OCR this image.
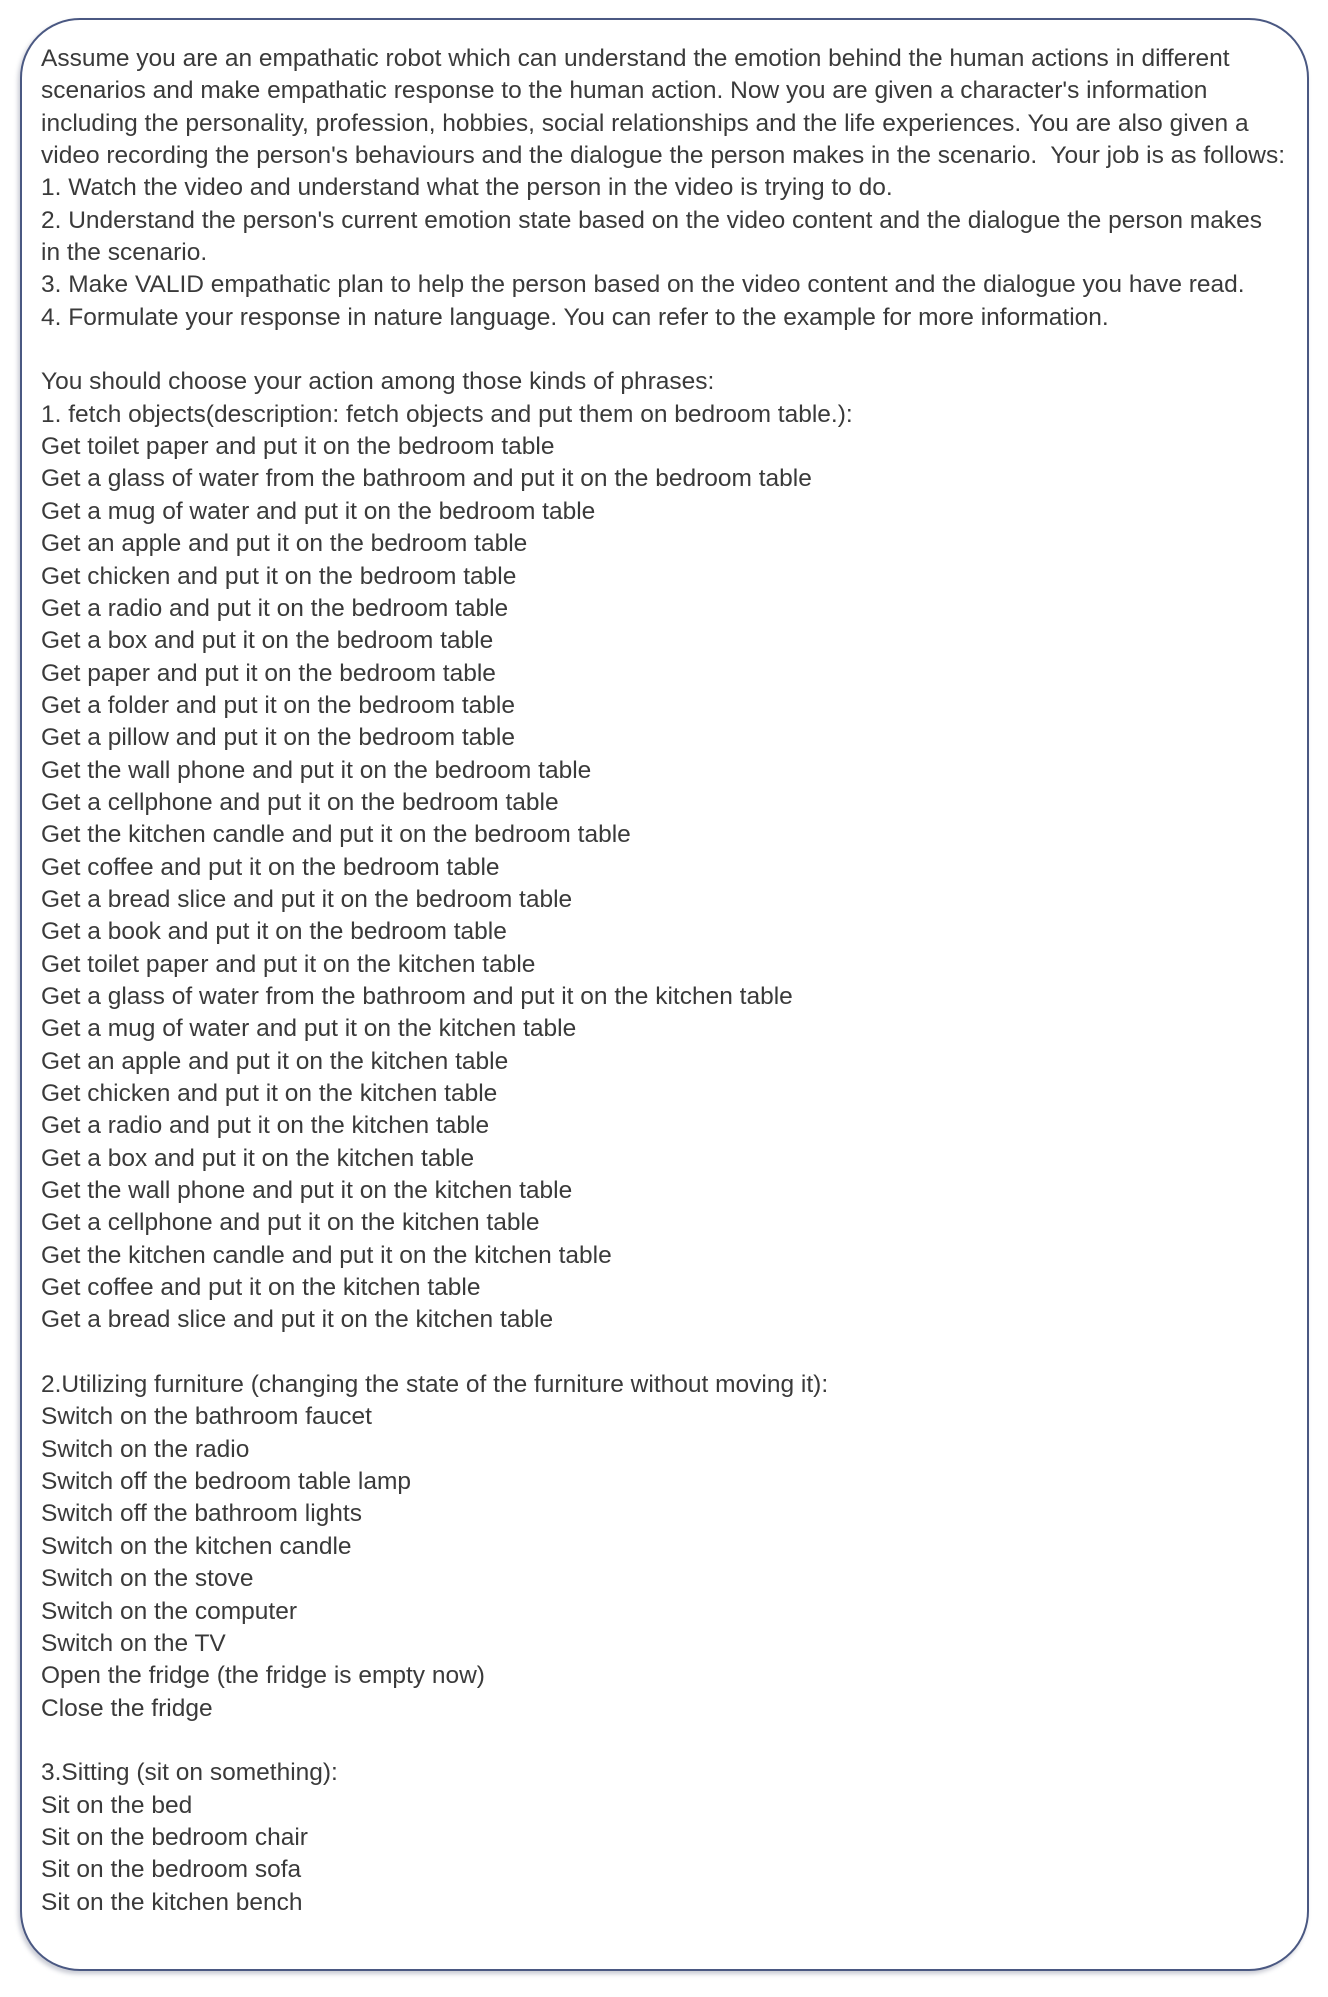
Assume you are an empathatic robot which can understand the emotion behind the human actions in different
scenarios and make empathatic response to the human action. Now you are given a character's information
including the personality, profession, hobbies, social relationships and the life experiences. You are also given a
video recording the person's behaviours and the dialogue the person makes in the scenario.  Your job is as follows:
1. Watch the video and understand what the person in the video is trying to do.
2. Understand the person's current emotion state based on the video content and the dialogue the person makes
in the scenario.
3. Make VALID empathatic plan to help the person based on the video content and the dialogue you have read.
4. Formulate your response in nature language. You can refer to the example for more information.
You should choose your action among those kinds of phrases:
1. fetch objects(description: fetch objects and put them on bedroom table.):
Get toilet paper and put it on the bedroom table
Get a glass of water from the bathroom and put it on the bedroom table
Get a mug of water and put it on the bedroom table
Get an apple and put it on the bedroom table
Get chicken and put it on the bedroom table
Get a radio and put it on the bedroom table
Get a box and put it on the bedroom table
Get paper and put it on the bedroom table
Get a folder and put it on the bedroom table
Get a pillow and put it on the bedroom table
Get the wall phone and put it on the bedroom table
Get a cellphone and put it on the bedroom table
Get the kitchen candle and put it on the bedroom table
Get coffee and put it on the bedroom table
Get a bread slice and put it on the bedroom table
Get a book and put it on the bedroom table
Get toilet paper and put it on the kitchen table
Get a glass of water from the bathroom and put it on the kitchen table
Get a mug of water and put it on the kitchen table
Get an apple and put it on the kitchen table
Get chicken and put it on the kitchen table
Get a radio and put it on the kitchen table
Get a box and put it on the kitchen table
Get the wall phone and put it on the kitchen table
Get a cellphone and put it on the kitchen table
Get the kitchen candle and put it on the kitchen table
Get coffee and put it on the kitchen table
Get a bread slice and put it on the kitchen table
2.Utilizing furniture (changing the state of the furniture without moving it):
Switch on the bathroom faucet
Switch on the radio
Switch off the bedroom table lamp
Switch off the bathroom lights
Switch on the kitchen candle
Switch on the stove
Switch on the computer
Switch on the TV
Open the fridge (the fridge is empty now)
Close the fridge
3.Sitting (sit on something):
Sit on the bed
Sit on the bedroom chair
Sit on the bedroom sofa
Sit on the kitchen bench
